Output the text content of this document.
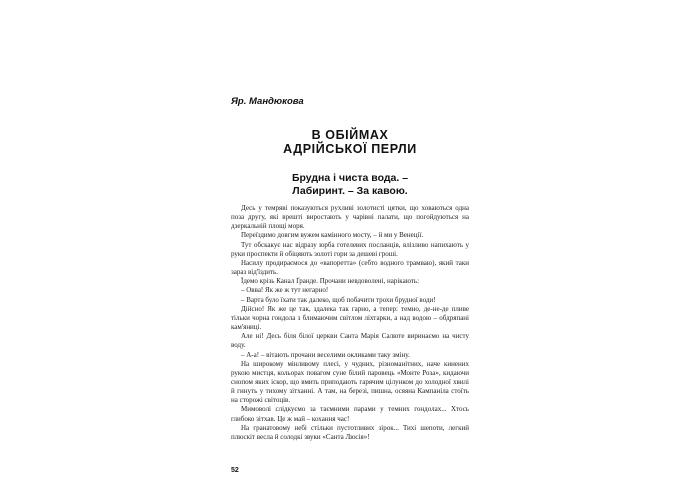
Яр. Мандюкова
В ОБІЙМАХ
АДРІЙСЬКОЇ ПЕРЛИ
Брудна і чиста вода. –
Лабиринт. – За кавою.

Десь у темряві показуються рухливі золотисті цятки, що ховаються одна поза другу, які врешті виростають у чарівні палати, що погойдуються на дзеркальній площі моря.

Переїздимо довгим вужем камінного мосту, – й ми у Венеції.

Тут обскакує нас відразу юрба готелевих посланців, влізливо напихають у руки проспекти й обіцяють золоті гори за дешеві гроші.

Насилу продираємося до «вапоретта» (себто водного трамваю), який таки зараз від'їздить.

Їдемо крізь Канал Ґранде. Прочани невдоволені, нарікають:

– Овва! Як же ж тут негарно!

– Варта було їхати так далеко, щоб побачити трохи брудної води!

Дійсно! Як же це так, здалека так гарно, а тепер: темно, де-не-де пливе тільки чорна гондола з блимаючим світлом ліхтарки, а над водою – обдряпані кам'яниці.

Але ні! Десь біля білої церкви Санта Марія Салюте виринаємо на чисту воду.

– А-а! – вітають прочани веселими окликами таку зміну.

На широкому мінливому плесі, у чудних, різноманітних, наче кинених рукою мистця, кольорах повагом суне білий паровець «Монте Роза», кидаючи снопом яких іскор, що вмить приподають гарячим цілунком до холодної хвилі й гинуть у тихому зітханні. А там, на березі, пишна, осяяна Кампаніла стоїть на сторожі світоців.

Мимоволі слідкуємо за таємними парами у темних гондолах... Хтось глибоко зітхав. Це ж май – кохання час!

На гранатовому небі стільки пустотливих зірок... Тихі шепоти, легкий плюскіт весла й солодкі звуки «Санта Люсія»!

52
